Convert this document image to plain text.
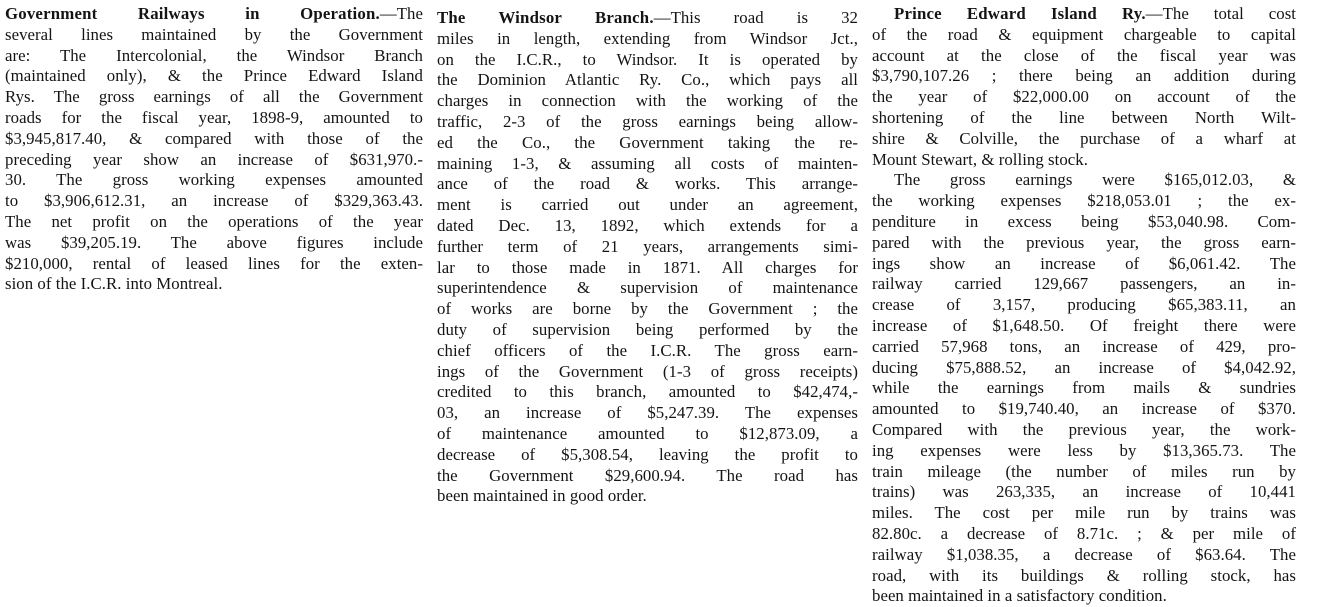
Government Railways in Operation.—The
several lines maintained by the Government
are: The Intercolonial, the Windsor Branch
(maintained only), & the Prince Edward Island
Rys. The gross earnings of all the Government
roads for the fiscal year, 1898-9, amounted to
$3,945,817.40, & compared with those of the
preceding year show an increase of $631,970.-
30. The gross working expenses amounted
to $3,906,612.31, an increase of $329,363.43.
The net profit on the operations of the year
was $39,205.19. The above figures include
$210,000, rental of leased lines for the exten-
sion of the I.C.R. into Montreal.
The Windsor Branch.—This road is 32
miles in length, extending from Windsor Jct.,
on the I.C.R., to Windsor. It is operated by
the Dominion Atlantic Ry. Co., which pays all
charges in connection with the working of the
traffic, 2-3 of the gross earnings being allow-
ed the Co., the Government taking the re-
maining 1-3, & assuming all costs of mainten-
ance of the road & works. This arrange-
ment is carried out under an agreement,
dated Dec. 13, 1892, which extends for a
further term of 21 years, arrangements simi-
lar to those made in 1871. All charges for
superintendence & supervision of maintenance
of works are borne by the Government ; the
duty of supervision being performed by the
chief officers of the I.C.R. The gross earn-
ings of the Government (1-3 of gross receipts)
credited to this branch, amounted to $42,474,-
03, an increase of $5,247.39. The expenses
of maintenance amounted to $12,873.09, a
decrease of $5,308.54, leaving the profit to
the Government $29,600.94. The road has
been maintained in good order.
Prince Edward Island Ry.—The total cost
of the road & equipment chargeable to capital
account at the close of the fiscal year was
$3,790,107.26 ; there being an addition during
the year of $22,000.00 on account of the
shortening of the line between North Wilt-
shire & Colville, the purchase of a wharf at
Mount Stewart, & rolling stock.
The gross earnings were $165,012.03, &
the working expenses $218,053.01 ; the ex-
penditure in excess being $53,040.98. Com-
pared with the previous year, the gross earn-
ings show an increase of $6,061.42. The
railway carried 129,667 passengers, an in-
crease of 3,157, producing $65,383.11, an
increase of $1,648.50. Of freight there were
carried 57,968 tons, an increase of 429, pro-
ducing $75,888.52, an increase of $4,042.92,
while the earnings from mails & sundries
amounted to $19,740.40, an increase of $370.
Compared with the previous year, the work-
ing expenses were less by $13,365.73. The
train mileage (the number of miles run by
trains) was 263,335, an increase of 10,441
miles. The cost per mile run by trains was
82.80c. a decrease of 8.71c. ; & per mile of
railway $1,038.35, a decrease of $63.64. The
road, with its buildings & rolling stock, has
been maintained in a satisfactory condition.
